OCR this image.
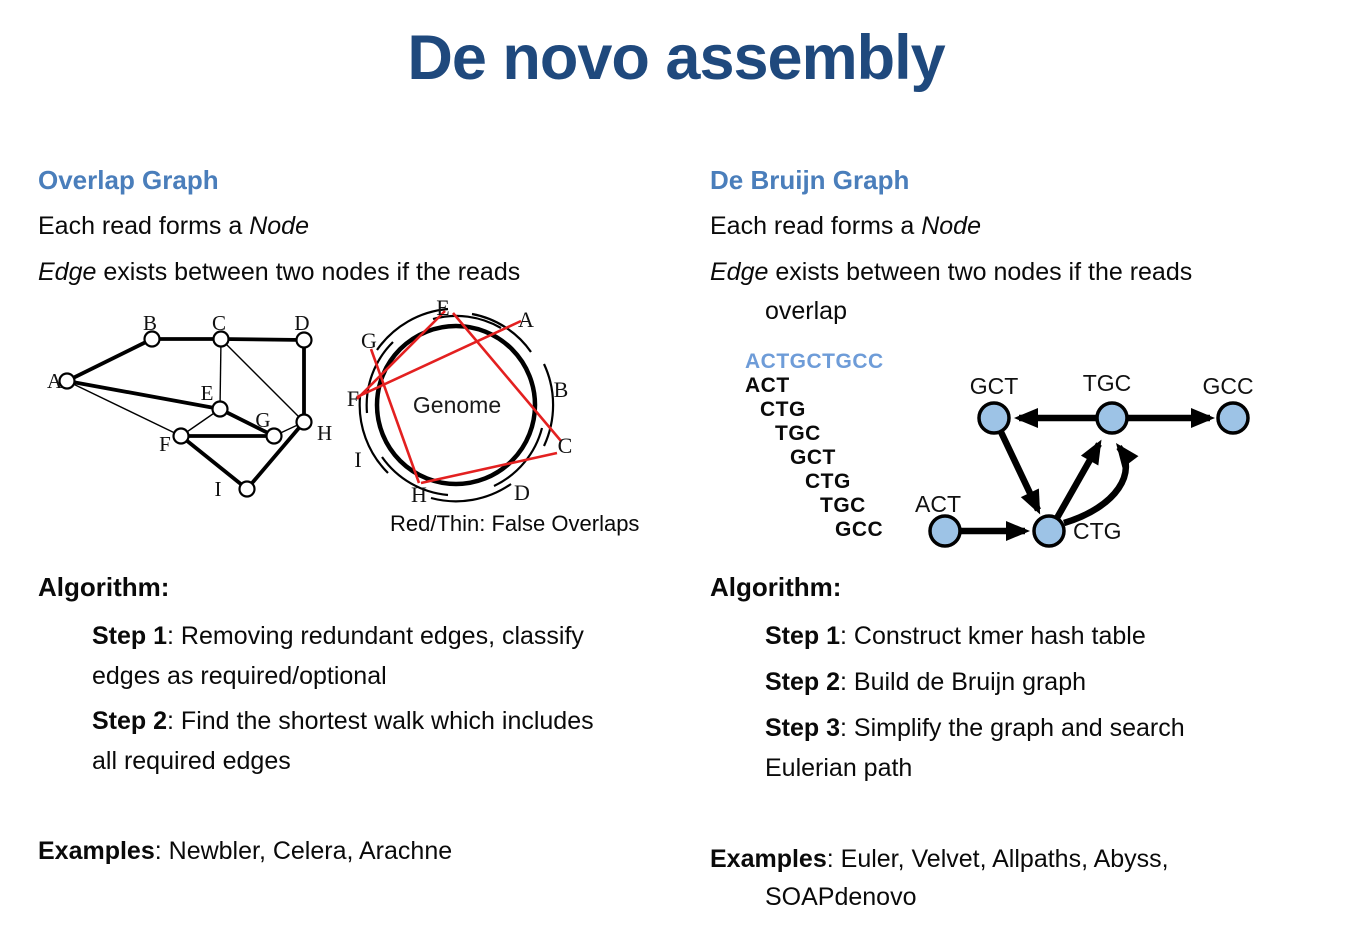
De novo assembly
Overlap Graph
Each read forms a Node
Edge exists between two nodes if the reads
A
B	C	D
E
F
G
H
I
E	A
B
C
D
H
I
F
G
Genome
Red/Thin: False Overlaps
Algorithm:
Step 1: Removing redundant edges, classify
edges as required/optional
Step 2: Find the shortest walk which includes
all required edges
Examples: Newbler, Celera, Arachne
De Bruijn Graph
Each read forms a Node
Edge exists between two nodes if the reads
overlap
ACTGCTGCC
ACT
CTG
TGC
GCT
CTG
TGC
GCC
GCT	TGC	GCC
ACT
CTG
Algorithm:
Step 1: Construct kmer hash table
Step 2: Build de Bruijn graph
Step 3: Simplify the graph and search
Eulerian path
Examples: Euler, Velvet, Allpaths, Abyss,
SOAPdenovo
